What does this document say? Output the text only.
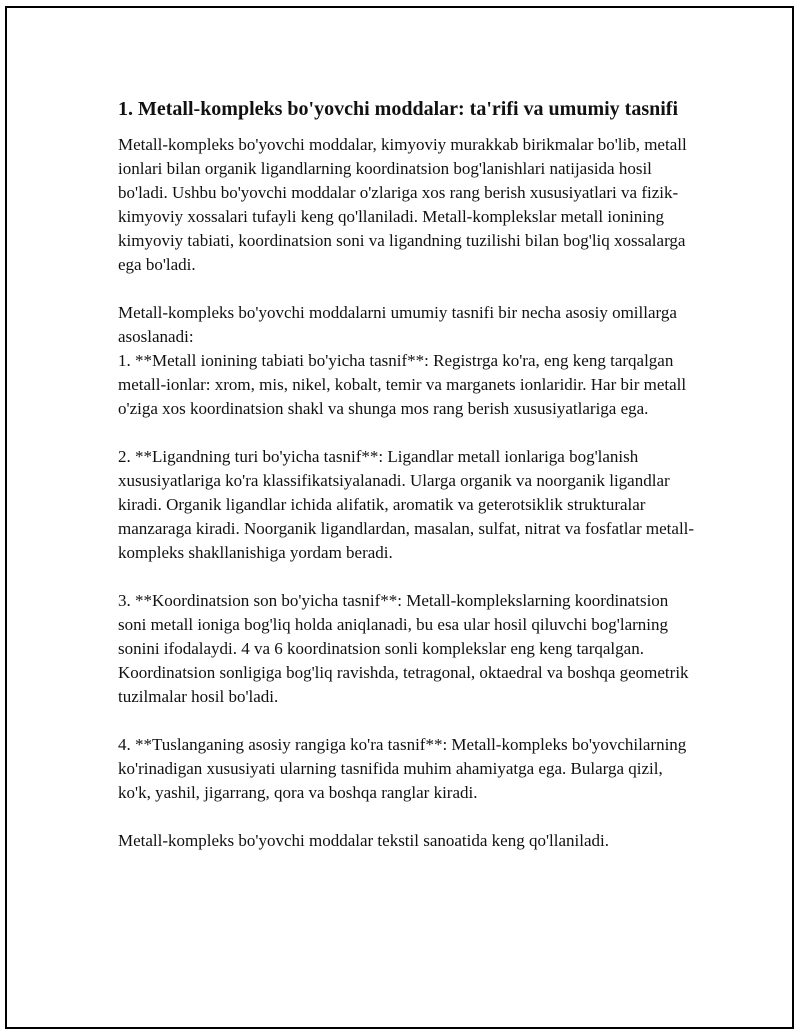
1. Metall-kompleks bo'yovchi moddalar: ta'rifi va umumiy tasnifi

Metall-kompleks bo'yovchi moddalar, kimyoviy murakkab birikmalar bo'lib, metall ionlari bilan organik ligandlarning koordinatsion bog'lanishlari natijasida hosil bo'ladi. Ushbu bo'yovchi moddalar o'zlariga xos rang berish xususiyatlari va fizik-kimyoviy xossalari tufayli keng qo'llaniladi. Metall-komplekslar metall ionining kimyoviy tabiati, koordinatsion soni va ligandning tuzilishi bilan bog'liq xossalarga ega bo'ladi.

Metall-kompleks bo'yovchi moddalarni umumiy tasnifi bir necha asosiy omillarga asoslanadi:

1. **Metall ionining tabiati bo'yicha tasnif**: Registrga ko'ra, eng keng tarqalgan metall-ionlar: xrom, mis, nikel, kobalt, temir va marganets ionlaridir. Har bir metall o'ziga xos koordinatsion shakl va shunga mos rang berish xususiyatlariga ega.

2. **Ligandning turi bo'yicha tasnif**: Ligandlar metall ionlariga bog'lanish xususiyatlariga ko'ra klassifikatsiyalanadi. Ularga organik va noorganik ligandlar kiradi. Organik ligandlar ichida alifatik, aromatik va geterotsiklik strukturalar manzaraga kiradi. Noorganik ligandlardan, masalan, sulfat, nitrat va fosfatlar metall-kompleks shakllanishiga yordam beradi.

3. **Koordinatsion son bo'yicha tasnif**: Metall-komplekslarning koordinatsion soni metall ioniga bog'liq holda aniqlanadi, bu esa ular hosil qiluvchi bog'larning sonini ifodalaydi. 4 va 6 koordinatsion sonli komplekslar eng keng tarqalgan. Koordinatsion sonligiga bog'liq ravishda, tetragonal, oktaedral va boshqa geometrik tuzilmalar hosil bo'ladi.

4. **Tuslanganing asosiy rangiga ko'ra tasnif**: Metall-kompleks bo'yovchilarning ko'rinadigan xususiyati ularning tasnifida muhim ahamiyatga ega. Bularga qizil, ko'k, yashil, jigarrang, qora va boshqa ranglar kiradi.

Metall-kompleks bo'yovchi moddalar tekstil sanoatida keng qo'llaniladi.
